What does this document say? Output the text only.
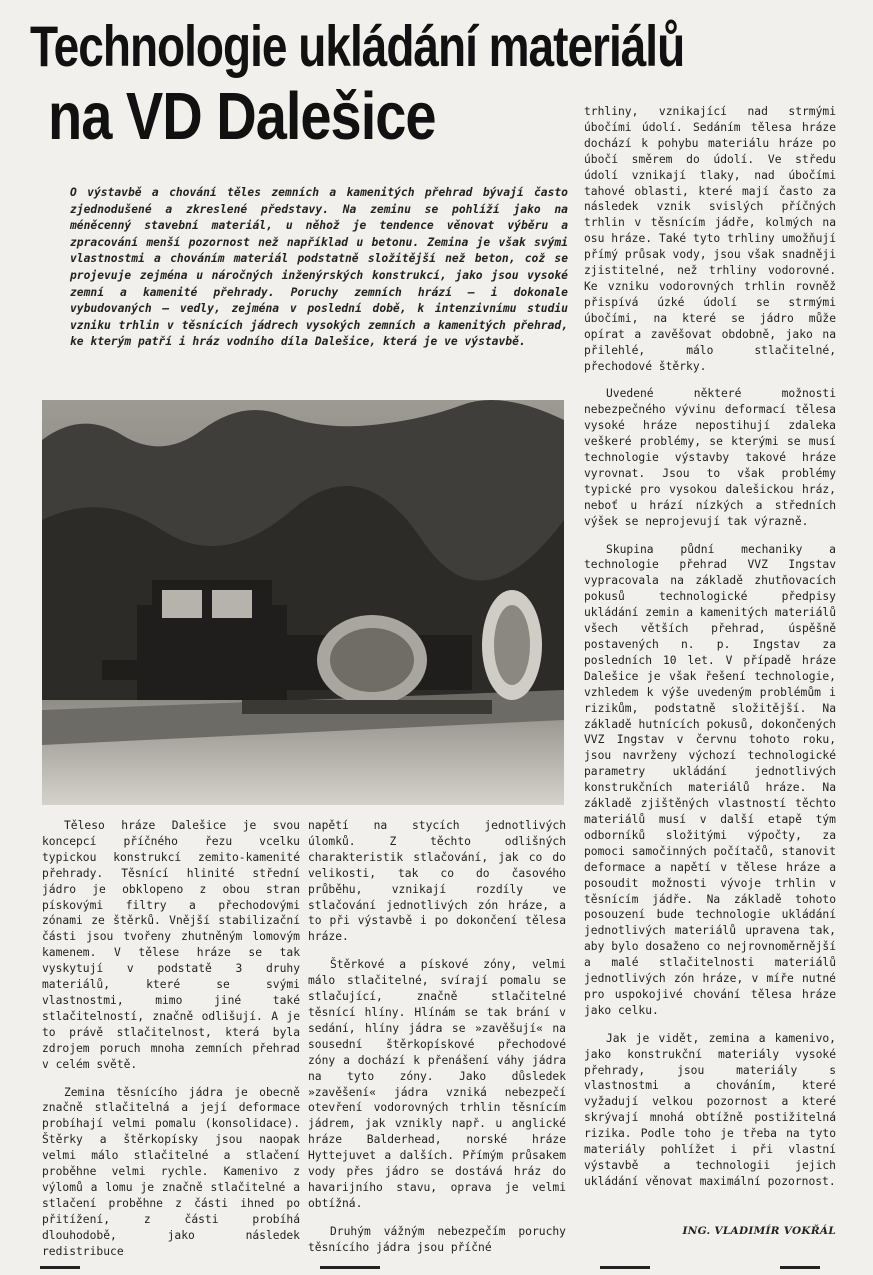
Technologie ukládání materiálů
na VD Dalešice

O výstavbě a chování těles zemních a kamenitých přehrad bývají často zjednodušené a zkreslené představy. Na zeminu se pohlíží jako na méněcenný stavební materiál, u něhož je tendence věnovat výběru a zpracování menší pozornost než například u betonu. Zemina je však svými vlastnostmi a chováním materiál podstatně složitější než beton, což se projevuje zejména u náročných inženýrských konstrukcí, jako jsou vysoké zemní a kamenité přehrady. Poruchy zemních hrází — i dokonale vybudovaných — vedly, zejména v poslední době, k intenzivnímu studiu vzniku trhlin v těsnících jádrech vysokých zemních a kamenitých přehrad, ke kterým patří i hráz vodního díla Dalešice, která je ve výstavbě.

Těleso hráze Dalešice je svou koncepcí příčného řezu vcelku typickou konstrukcí zemito-kamenité přehrady. Těsnící hlinité střední jádro je obklopeno z obou stran pískovými filtry a přechodovými zónami ze štěrků. Vnější stabilizační části jsou tvořeny zhutněným lomovým kamenem. V tělese hráze se tak vyskytují v podstatě 3 druhy materiálů, které se svými vlastnostmi, mimo jiné také stlačitelností, značně odlišují. A je to právě stlačitelnost, která byla zdrojem poruch mnoha zemních přehrad v celém světě.

Zemina těsnícího jádra je obecně značně stlačitelná a její deformace probíhají velmi pomalu (konsolidace). Štěrky a štěrkopísky jsou naopak velmi málo stlačitelné a stlačení proběhne velmi rychle. Kamenivo z výlomů a lomu je značně stlačitelné a stlačení proběhne z části ihned po přitížení, z části probíhá dlouhodobě, jako následek redistribuce

napětí na stycích jednotlivých úlomků. Z těchto odlišných charakteristik stlačování, jak co do velikosti, tak co do časového průběhu, vznikají rozdíly ve stlačování jednotlivých zón hráze, a to při výstavbě i po dokončení tělesa hráze.

Štěrkové a pískové zóny, velmi málo stlačitelné, svírají pomalu se stlačující, značně stlačitelné těsnící hlíny. Hlínám se tak brání v sedání, hlíny jádra se »zavěšují« na sousední štěrkopískové přechodové zóny a dochází k přenášení váhy jádra na tyto zóny. Jako důsledek »zavěšení« jádra vzniká nebezpečí otevření vodorovných trhlin těsnícím jádrem, jak vznikly např. u anglické hráze Balderhead, norské hráze Hyttejuvet a dalších. Přímým průsakem vody přes jádro se dostává hráz do havarijního stavu, oprava je velmi obtížná.

Druhým vážným nebezpečím poruchy těsnícího jádra jsou příčné

trhliny, vznikající nad strmými úbočími údolí. Sedáním tělesa hráze dochází k pohybu materiálu hráze po úbočí směrem do údolí. Ve středu údolí vznikají tlaky, nad úbočími tahové oblasti, které mají často za následek vznik svislých příčných trhlin v těsnícím jádře, kolmých na osu hráze. Také tyto trhliny umožňují přímý průsak vody, jsou však snadněji zjistitelné, než trhliny vodorovné. Ke vzniku vodorovných trhlin rovněž přispívá úzké údolí se strmými úbočími, na které se jádro může opírat a zavěšovat obdobně, jako na přilehlé, málo stlačitelné, přechodové štěrky.

Uvedené některé možnosti nebezpečného vývinu deformací tělesa vysoké hráze nepostihují zdaleka veškeré problémy, se kterými se musí technologie výstavby takové hráze vyrovnat. Jsou to však problémy typické pro vysokou dalešickou hráz, neboť u hrází nízkých a středních výšek se neprojevují tak výrazně.

Skupina půdní mechaniky a technologie přehrad VVZ Ingstav vypracovala na základě zhutňovacích pokusů technologické předpisy ukládání zemin a kamenitých materiálů všech větších přehrad, úspěšně postavených n. p. Ingstav za posledních 10 let. V případě hráze Dalešice je však řešení technologie, vzhledem k výše uvedeným problémům i rizikům, podstatně složitější. Na základě hutnících pokusů, dokončených VVZ Ingstav v červnu tohoto roku, jsou navrženy výchozí technologické parametry ukládání jednotlivých konstrukčních materiálů hráze. Na základě zjištěných vlastností těchto materiálů musí v další etapě tým odborníků složitými výpočty, za pomoci samočinných počítačů, stanovit deformace a napětí v tělese hráze a posoudit možnosti vývoje trhlin v těsnícím jádře. Na základě tohoto posouzení bude technologie ukládání jednotlivých materiálů upravena tak, aby bylo dosaženo co nejrovnoměrnější a malé stlačitelnosti materiálů jednotlivých zón hráze, v míře nutné pro uspokojivé chování tělesa hráze jako celku.

Jak je vidět, zemina a kamenivo, jako konstrukční materiály vysoké přehrady, jsou materiály s vlastnostmi a chováním, které vyžadují velkou pozornost a které skrývají mnohá obtížně postižitelná rizika. Podle toho je třeba na tyto materiály pohlížet i při vlastní výstavbě a technologii jejich ukládání věnovat maximální pozornost.

ING. VLADIMÍR VOKŘÁL
